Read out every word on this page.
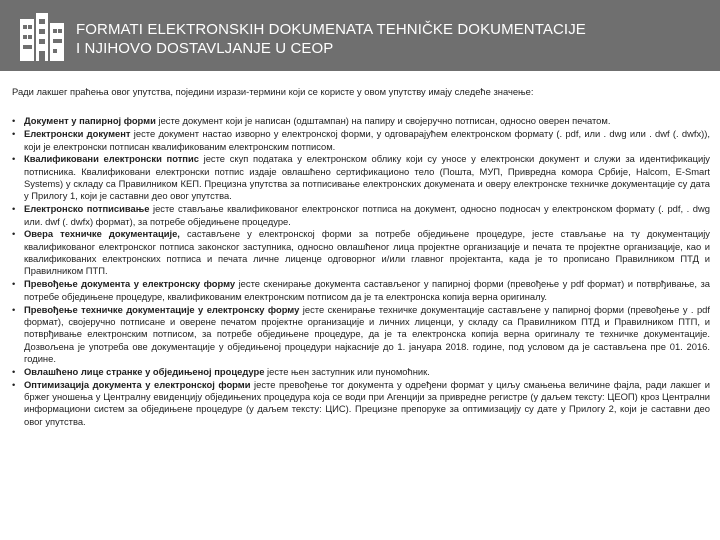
FORMATI ELEKTRONSKIH DOKUMENATA TEHNIČKE DOKUMENTACIJE
I NJIHOVO DOSTAVLJANJE U CEOP

Ради лакшег праћења овог упутства, поједини изрази-термини који се користе у овом упутству имају следеће значење:

• Документ у папирној форми јесте документ који је написан (одштампан) на папиру и својеручно потписан, односно оверен печатом.
• Електронски документ јесте документ настао изворно у електронској форми, у одговарајућем електронском формату (. pdf, или . dwg или . dwf (. dwfx)), који је електронски потписан квалификованим електронским потписом.
• Квалификовани електронски потпис јесте скуп података у електронском облику који су уносе у електронски документ и служи за идентификацију потписника. Квалификовани електронски потпис издаје овлашћено сертификационо тело (Пошта, МУП, Привредна комора Србије, Halcom, E-Smart Systems) у складу са Правилником КЕП. Прецизна упутства за потписивање електронских докумената и оверу електронске техничке документације су дата у Прилогу 1, који је саставни део овог упутства.
• Електронско потписивање јесте стављање квалификованог електронског потписа на документ, односно подносач у електронском формату (. pdf, . dwg или. dwf (. dwfx) формат), за потребе обједињене процедуре.
• Овера техничке документације, састављене у електронској форми за потребе обједињене процедуре, јесте стављање на ту документацију квалификованог електронског потписа законског заступника, односно овлашћеног лица пројектне организације и печата те пројектне организације, као и квалификованих електронских потписа и печата личне лиценце одговорног и/или главног пројектанта, када је то прописано Правилником ПТД и Правилником ПТП.
• Превођење документа у електронску форму јесте скенирање документа састављеног у папирној форми (превођење у pdf формат) и потврђивање, за потребе обједињене процедуре, квалификованим електронским потписом да је та електронска копија верна оригиналу.
• Превођење техничке документације у електронску форму јесте скенирање техничке документације састављене у папирној форми (превођење у . pdf формат), својеручно потписане и оверене печатом пројектне организације и личних лиценци, у складу са Правилником ПТД и Правилником ПТП, и потврђивање електронским потписом, за потребе обједињене процедуре, да је та електронска копија верна оригиналу те техничке документације. Дозвољена је употреба ове документације у обједињеној процедури најкасније до 1. јануара 2018. године, под условом да је састављена пре 01. 2016. године.
• Овлашћено лице странке у обједињеној процедуре јесте њен заступник или пуномоћник.
• Оптимизација документа у електронској форми јесте превођење тог документа у одређени формат у циљу смањења величине фајла, ради лакшег и бржег уношења у Централну евиденцију обједињених процедура која се води при Агенцији за привредне регистре (у даљем тексту: ЦЕОП) кроз Централни информациони систем за обједињене процедуре (у даљем тексту: ЦИС). Прецизне препоруке за оптимизацију су дате у Прилогу 2, који је саставни део овог упутства.
